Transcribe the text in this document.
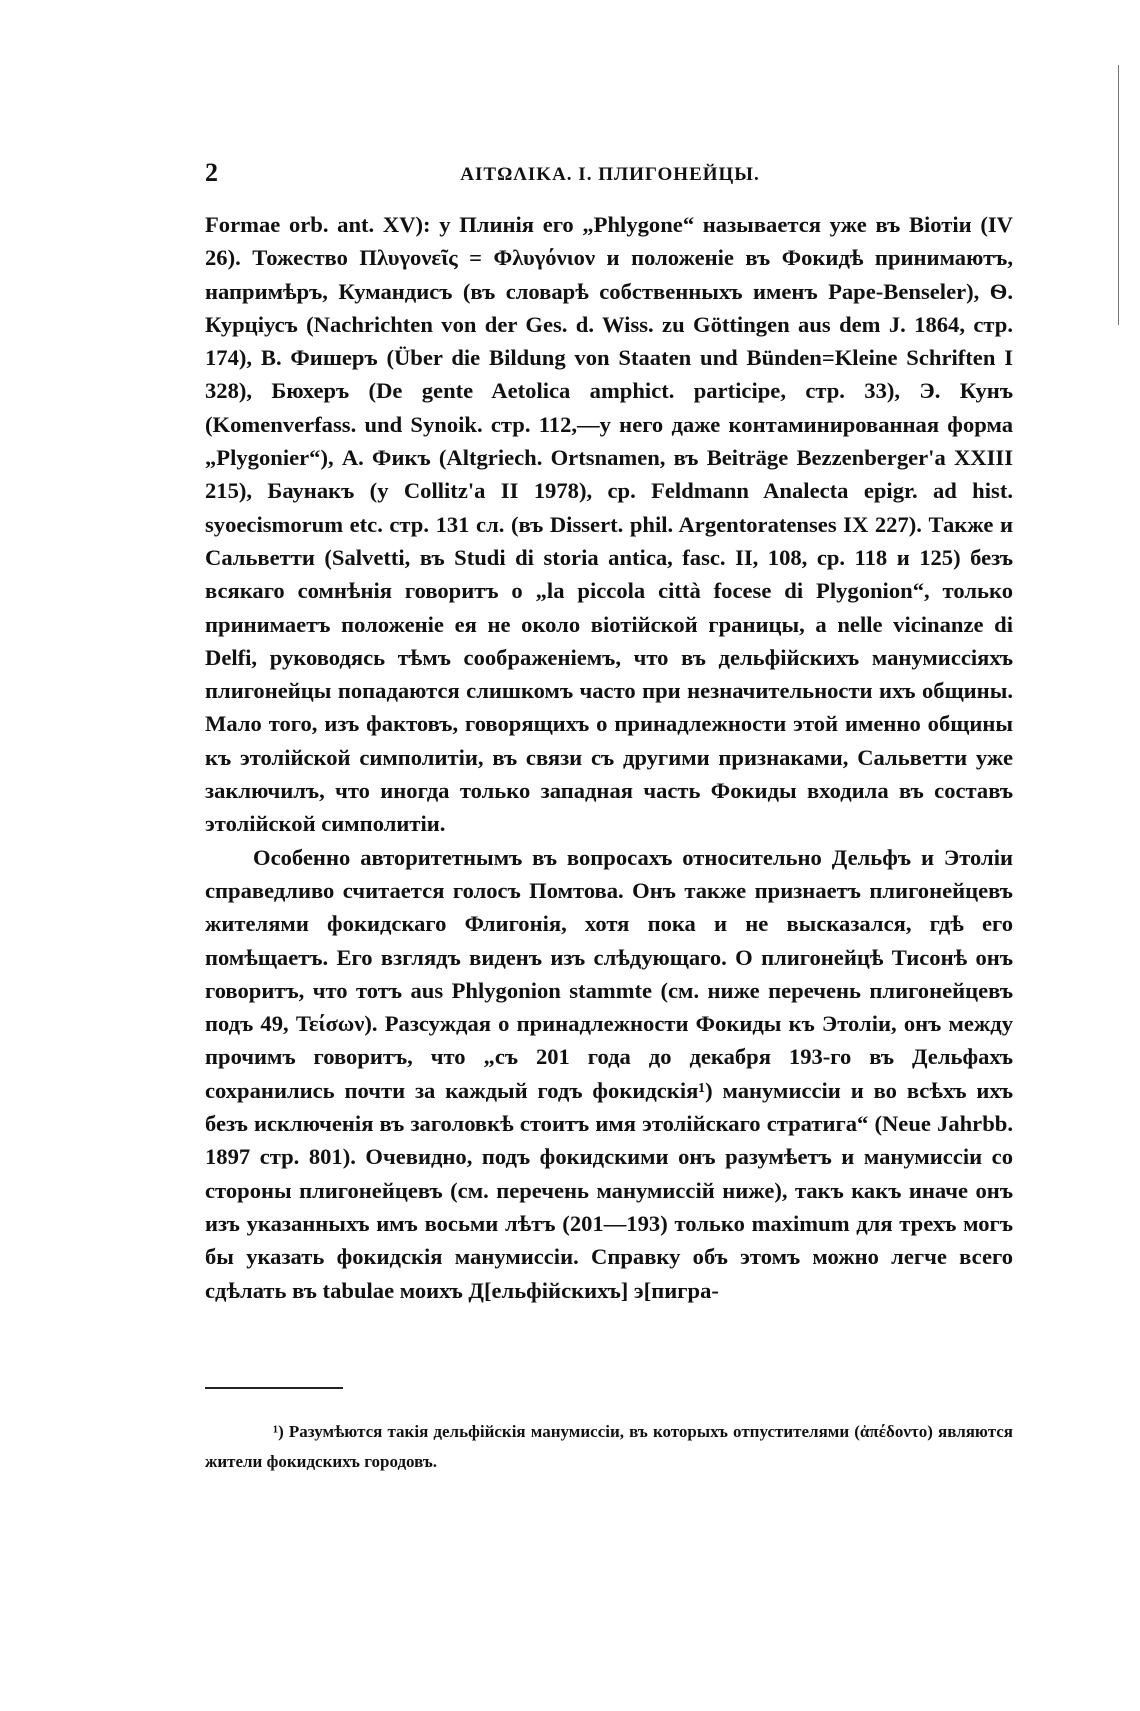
2	AITΩΛIKA. I. ПЛИГОНЕЙЦЫ.

Formae orb. ant. XV): у Плинія его „Phlygone“ называется уже въ Віотіи (IV 26). Тожество Πλυγονεῖς = Φλυγόνιον и положеніе въ Фокидѣ принимаютъ, напримѣръ, Кумандисъ (въ словарѣ собственныхъ именъ Pape-Benseler), Ѳ. Курціусъ (Nachrichten von der Ges. d. Wiss. zu Göttingen aus dem J. 1864, стр. 174), В. Фишеръ (Über die Bildung von Staaten und Bünden=Kleine Schriften I 328), Бюхеръ (De gente Aetolica amphict. participe, стр. 33), Э. Кунъ (Komenverfass. und Synoik. стр. 112,—у него даже контаминированная форма „Plygonier“), А. Фикъ (Altgriech. Ortsnamen, въ Beiträge Bezzenberger'a XXIII 215), Баунакъ (у Collitz'a II 1978), ср. Feldmann Analecta epigr. ad hist. syoecismorum etc. стр. 131 сл. (въ Dissert. phil. Argentoratenses IX 227). Также и Сальветти (Salvetti, въ Studi di storia antica, fasc. II, 108, ср. 118 и 125) безъ всякаго сомнѣнія говоритъ о „la piccola città focese di Plygonion“, только принимаетъ положеніе ея не около віотійской границы, а nelle vicinanze di Delfi, руководясь тѣмъ соображеніемъ, что въ дельфійскихъ манумиссіяхъ плигонейцы попадаются слишкомъ часто при незначительности ихъ общины. Мало того, изъ фактовъ, говорящихъ о принадлежности этой именно общины къ этолійской симполитіи, въ связи съ другими признаками, Сальветти уже заключилъ, что иногда только западная часть Фокиды входила въ составъ этолійской симполитіи.

Особенно авторитетнымъ въ вопросахъ относительно Дельфъ и Этоліи справедливо считается голосъ Помтова. Онъ также признаетъ плигонейцевъ жителями фокидскаго Флигонія, хотя пока и не высказался, гдѣ его помѣщаетъ. Его взглядъ виденъ изъ слѣдующаго. О плигонейцѣ Тисонѣ онъ говоритъ, что тотъ aus Phlygonion stammte (см. ниже перечень плигонейцевъ подъ 49, Τείσων). Разсуждая о принадлежности Фокиды къ Этоліи, онъ между прочимъ говоритъ, что „съ 201 года до декабря 193-го въ Дельфахъ сохранились почти за каждый годъ фокидскія¹) манумиссіи и во всѣхъ ихъ безъ исключенія въ заголовкѣ стоитъ имя этолійскаго стратига“ (Neue Jahrbb. 1897 стр. 801). Очевидно, подъ фокидскими онъ разумѣетъ и манумиссіи со стороны плигонейцевъ (см. перечень манумиссій ниже), такъ какъ иначе онъ изъ указанныхъ имъ восьми лѣтъ (201—193) только maximum для трехъ могъ бы указать фокидскія манумиссіи. Справку объ этомъ можно легче всего сдѣлать въ tabulae моихъ Д[ельфійскихъ] э[пигра-

¹) Разумѣются такія дельфійскія манумиссіи, въ которыхъ отпустителями (ἀπέδοντο) являются жители фокидскихъ городовъ.
